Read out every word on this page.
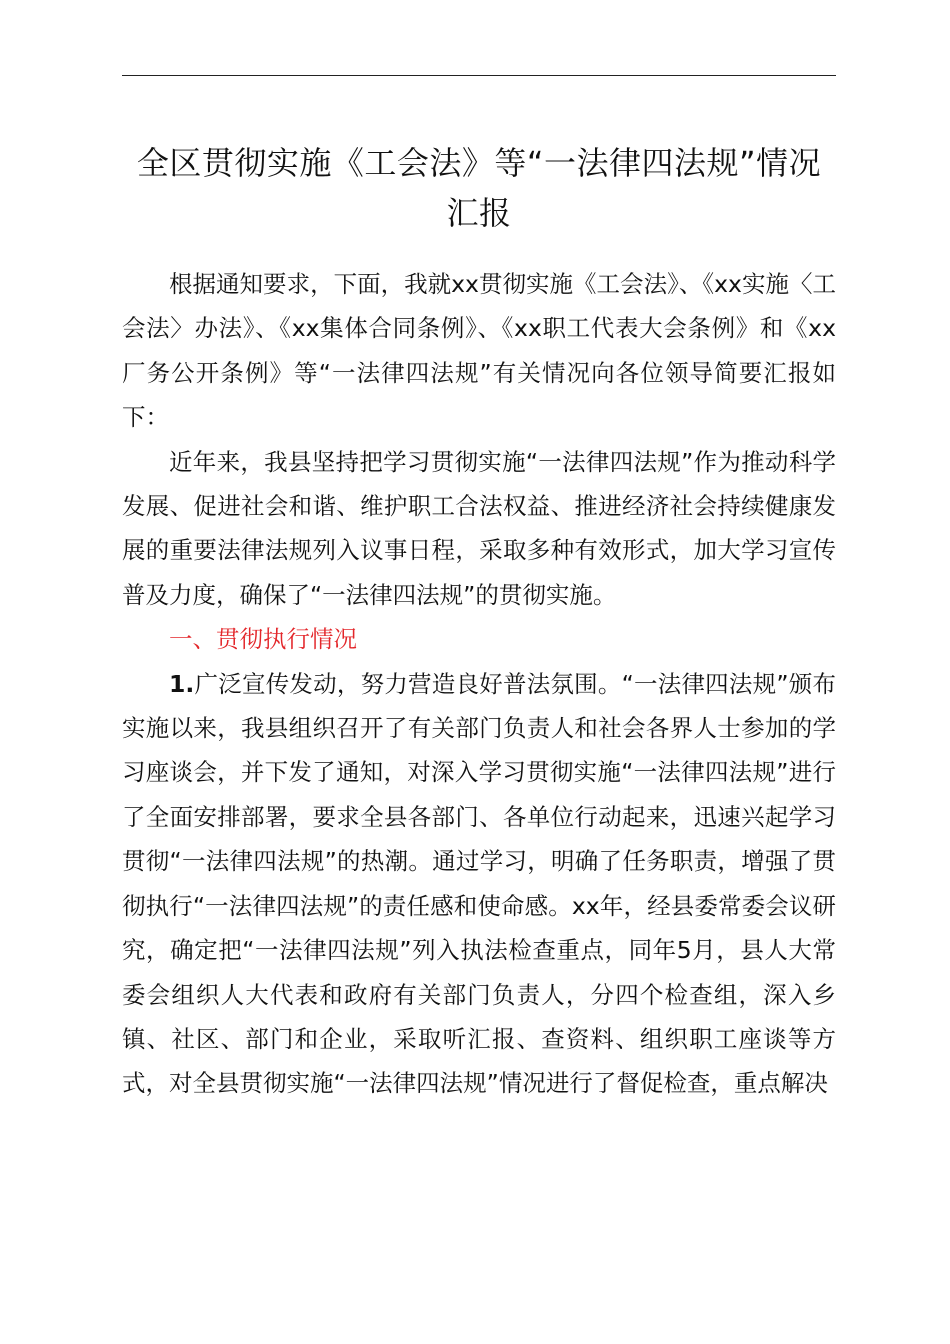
全区贯彻实施《工会法》等“一法律四法规”情况汇报

根据通知要求，下面，我就xx贯彻实施《工会法》、《xx实施〈工会法〉办法》、《xx集体合同条例》、《xx职工代表大会条例》和《xx厂务公开条例》等“一法律四法规”有关情况向各位领导简要汇报如下：

近年来，我县坚持把学习贯彻实施“一法律四法规”作为推动科学发展、促进社会和谐、维护职工合法权益、推进经济社会持续健康发展的重要法律法规列入议事日程，采取多种有效形式，加大学习宣传普及力度，确保了“一法律四法规”的贯彻实施。

一、贯彻执行情况

1.广泛宣传发动，努力营造良好普法氛围。“一法律四法规”颁布实施以来，我县组织召开了有关部门负责人和社会各界人士参加的学习座谈会，并下发了通知，对深入学习贯彻实施“一法律四法规”进行了全面安排部署，要求全县各部门、各单位行动起来，迅速兴起学习贯彻“一法律四法规”的热潮。通过学习，明确了任务职责，增强了贯彻执行“一法律四法规”的责任感和使命感。xx年，经县委常委会议研究，确定把“一法律四法规”列入执法检查重点，同年5月，县人大常委会组织人大代表和政府有关部门负责人，分四个检查组，深入乡镇、社区、部门和企业，采取听汇报、查资料、组织职工座谈等方式，对全县贯彻实施“一法律四法规”情况进行了督促检查，重点解决
